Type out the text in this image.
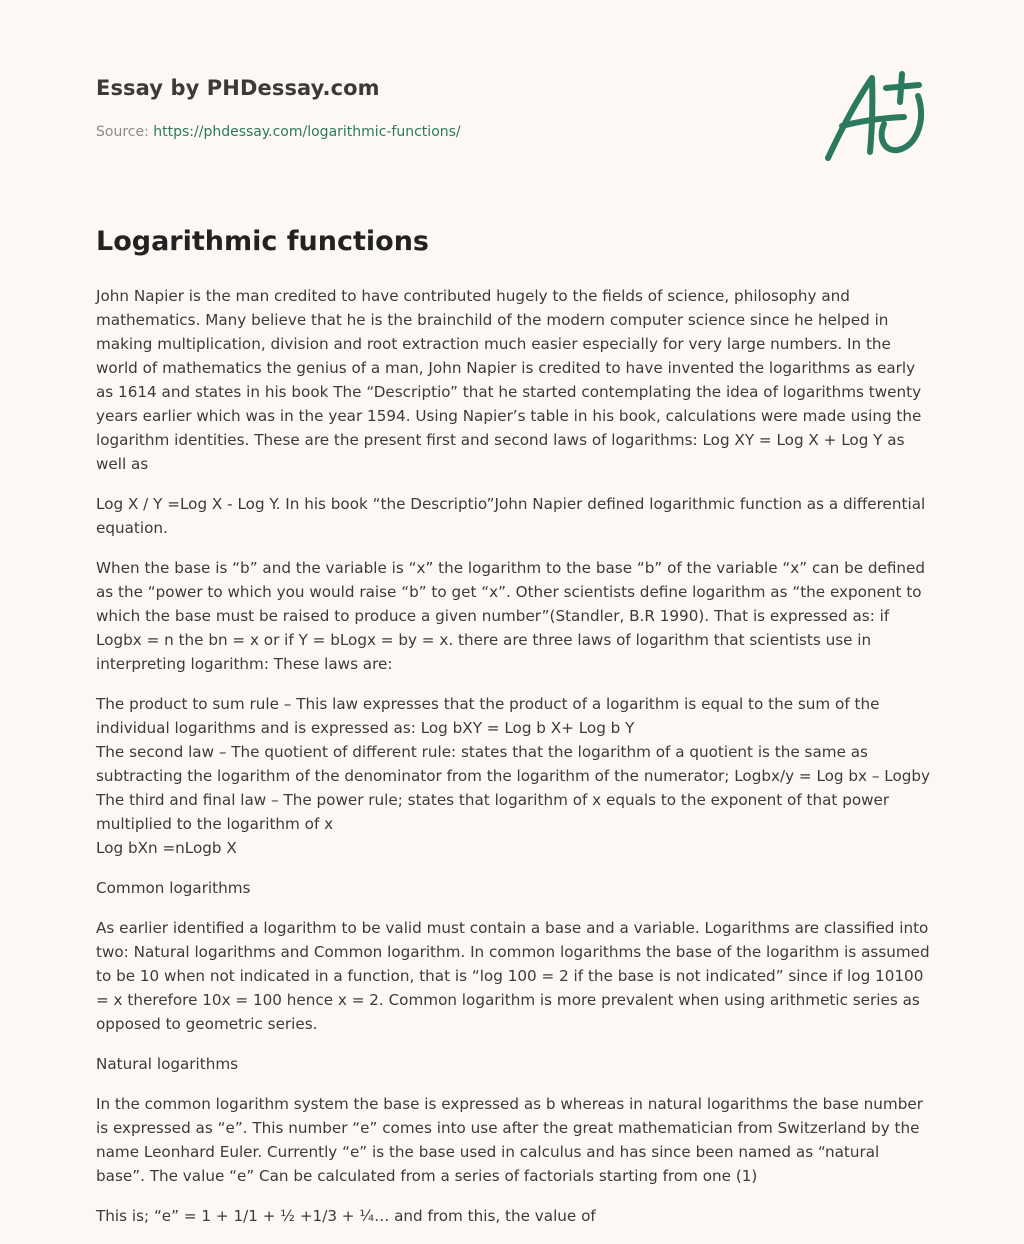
Essay by PHDessay.com
Source: https://phdessay.com/logarithmic-functions/
Logarithmic functions

John Napier is the man credited to have contributed hugely to the fields of science, philosophy and mathematics. Many believe that he is the brainchild of the modern computer science since he helped in making multiplication, division and root extraction much easier especially for very large numbers. In the world of mathematics the genius of a man, John Napier is credited to have invented the logarithms as early as 1614 and states in his book The “Descriptio” that he started contemplating the idea of logarithms twenty years earlier which was in the year 1594. Using Napier’s table in his book, calculations were made using the logarithm identities. These are the present first and second laws of logarithms: Log XY = Log X + Log Y as well as

Log X / Y =Log X - Log Y. In his book “the Descriptio”John Napier defined logarithmic function as a differential equation.

When the base is “b” and the variable is “x” the logarithm to the base “b” of the variable “x” can be defined as the “power to which you would raise “b” to get “x”. Other scientists define logarithm as “the exponent to which the base must be raised to produce a given number”(Standler, B.R 1990). That is expressed as: if Logbx = n the bn = x or if Y = bLogx = by = x. there are three laws of logarithm that scientists use in interpreting logarithm: These laws are:

The product to sum rule – This law expresses that the product of a logarithm is equal to the sum of the individual logarithms and is expressed as: Log bXY = Log b X+ Log b Y
The second law – The quotient of different rule: states that the logarithm of a quotient is the same as subtracting the logarithm of the denominator from the logarithm of the numerator; Logbx/y = Log bx – Logby
The third and final law – The power rule; states that logarithm of x equals to the exponent of that power multiplied to the logarithm of x
Log bXn =nLogb X

Common logarithms

As earlier identified a logarithm to be valid must contain a base and a variable. Logarithms are classified into two: Natural logarithms and Common logarithm. In common logarithms the base of the logarithm is assumed to be 10 when not indicated in a function, that is “log 100 = 2 if the base is not indicated” since if log 10100 = x therefore 10x = 100 hence x = 2. Common logarithm is more prevalent when using arithmetic series as opposed to geometric series.

Natural logarithms

In the common logarithm system the base is expressed as b whereas in natural logarithms the base number is expressed as “e”. This number “e” comes into use after the great mathematician from Switzerland by the name Leonhard Euler. Currently “e” is the base used in calculus and has since been named as “natural base”. The value “e” Can be calculated from a series of factorials starting from one (1)

This is; “e” = 1 + 1/1 + ½ +1/3 + ¼… and from this, the value of
